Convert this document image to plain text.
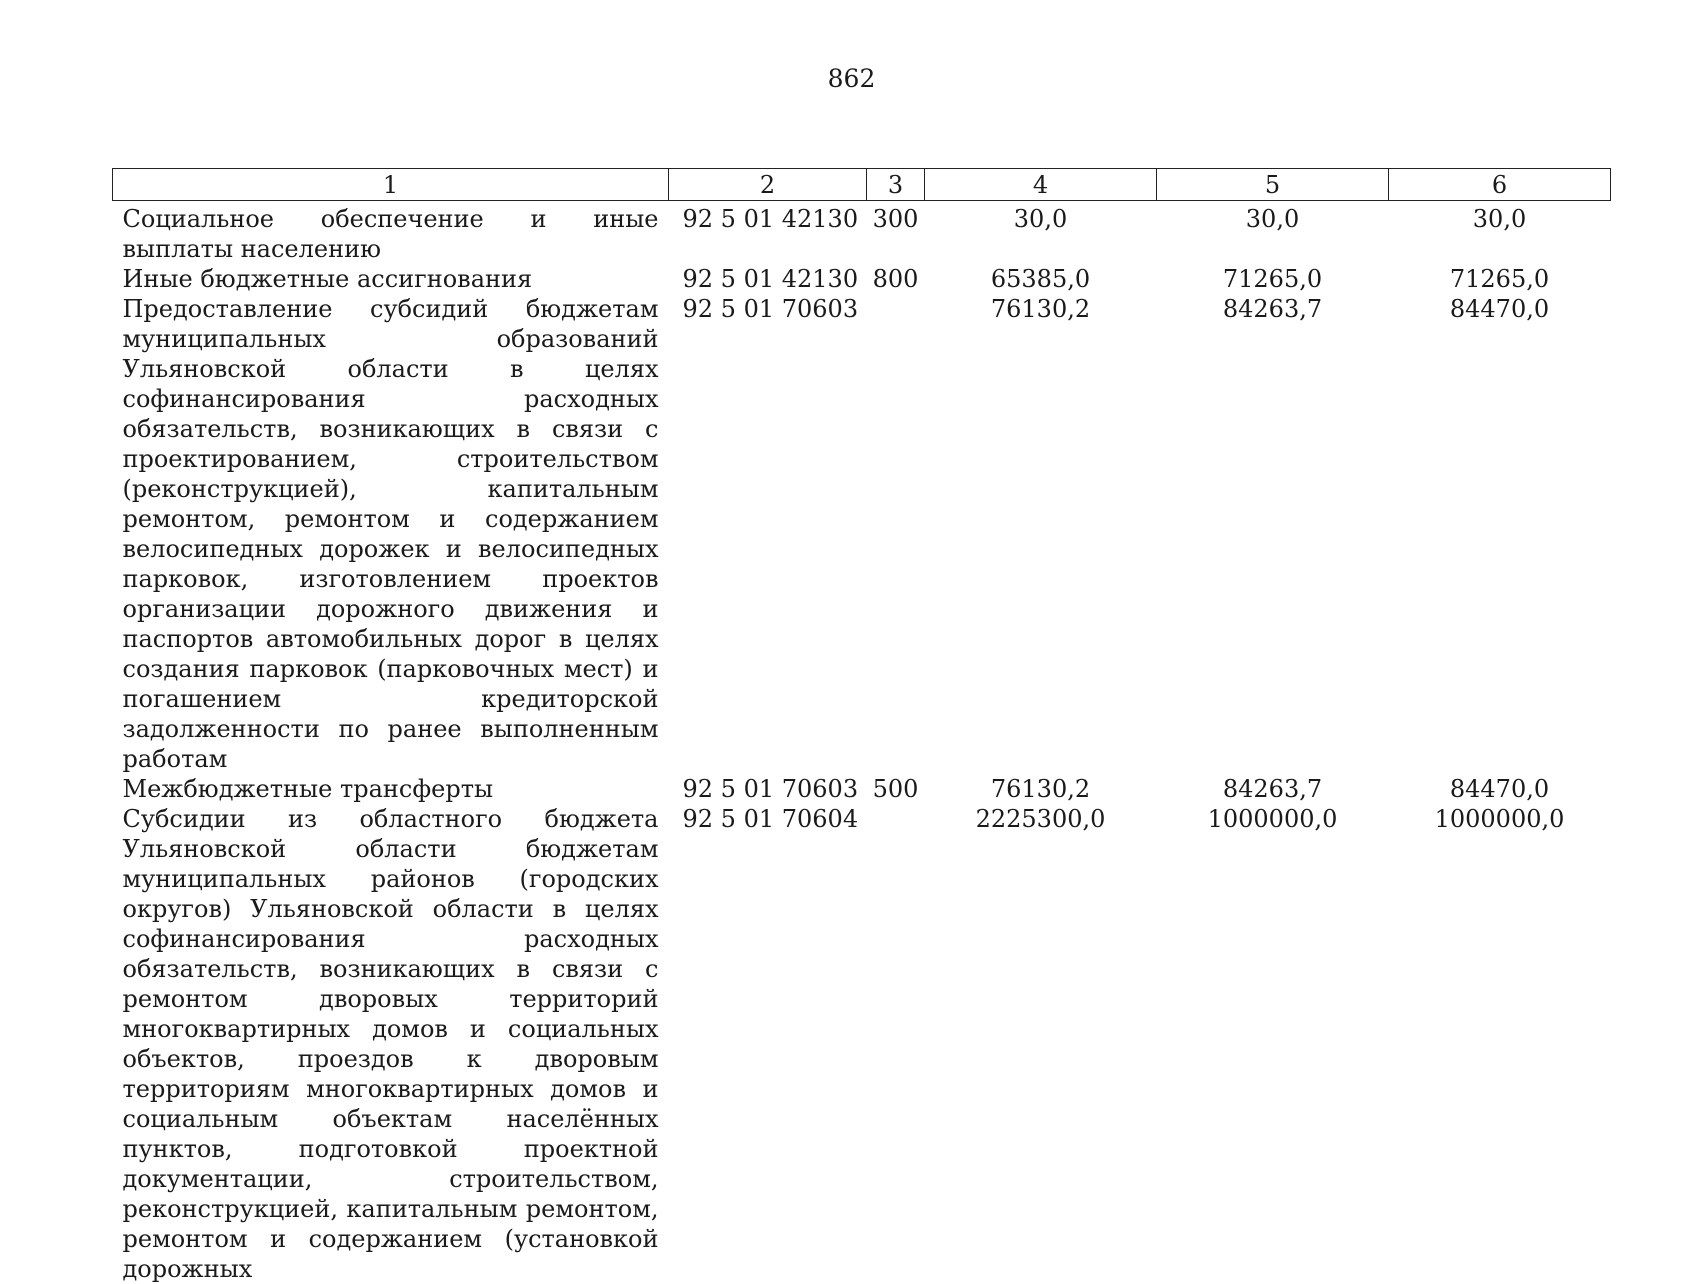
862
1	2	3	4	5	6
Социальное обеспечение и иные выплаты населению	92 5 01 42130	300	30,0	30,0	30,0
Иные бюджетные ассигнования	92 5 01 42130	800	65385,0	71265,0	71265,0
Предоставление субсидий бюджетам муниципальных образований Ульяновской области в целях софинансирования расходных обязательств, возникающих в связи с проектированием, строительством (реконструкцией), капитальным ремонтом, ремонтом и содержанием велосипедных дорожек и велосипедных парковок, изготовлением проектов организации дорожного движения и паспортов автомобильных дорог в целях создания парковок (парковочных мест) и погашением кредиторской задолженности по ранее выполненным работам	92 5 01 70603		76130,2	84263,7	84470,0
Межбюджетные трансферты	92 5 01 70603	500	76130,2	84263,7	84470,0
Субсидии из областного бюджета Ульяновской области бюджетам муниципальных районов (городских округов) Ульяновской области в целях софинансирования расходных обязательств, возникающих в связи с ремонтом дворовых территорий многоквартирных домов и социальных объектов, проездов к дворовым территориям многоквартирных домов и социальным объектам населённых пунктов, подготовкой проектной документации, строительством, реконструкцией, капитальным ремонтом, ремонтом и содержанием (установкой дорожных	92 5 01 70604		2225300,0	1000000,0	1000000,0
